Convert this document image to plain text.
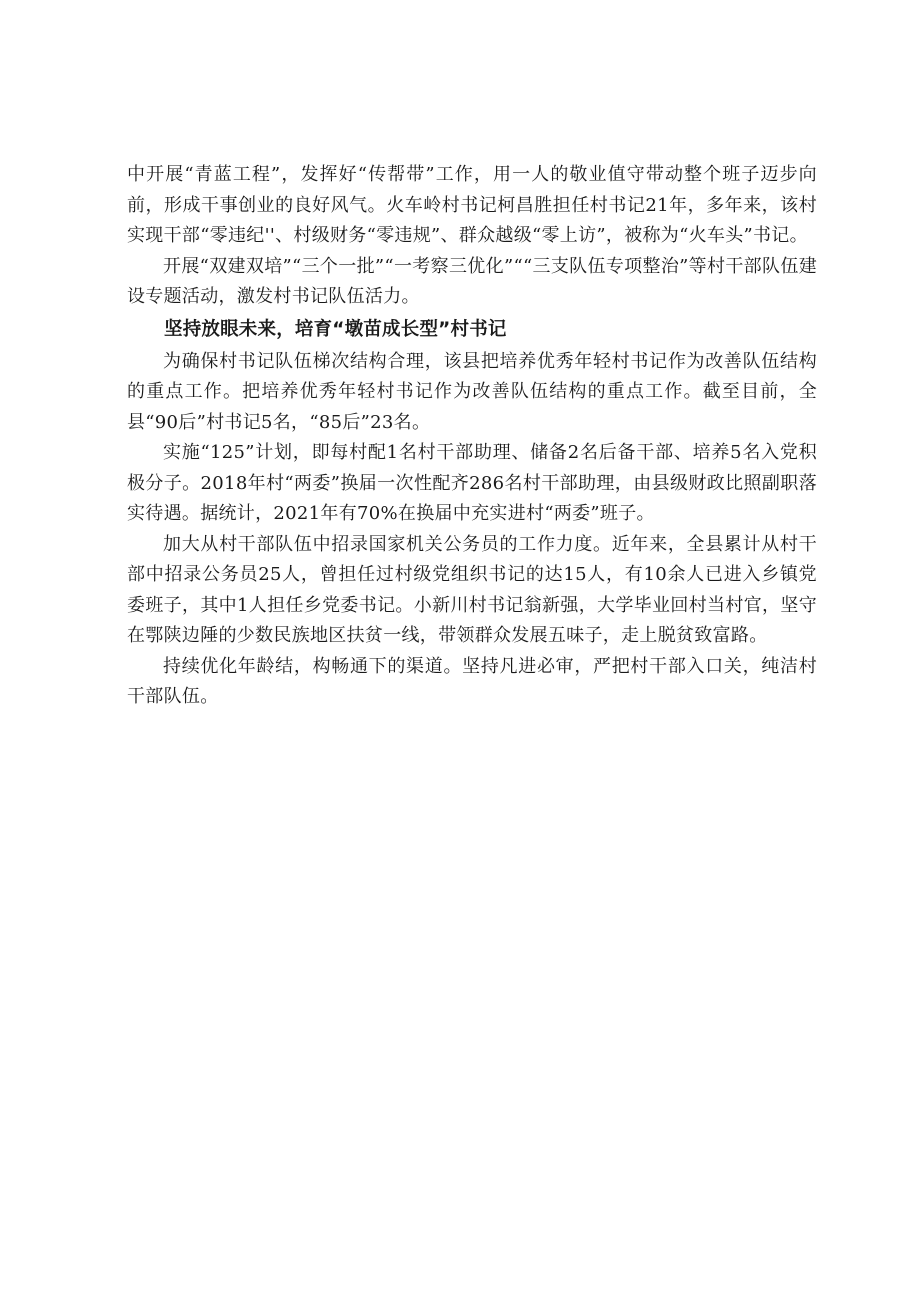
中开展“青蓝工程”，发挥好“传帮带”工作，用一人的敬业值守带动整个班子迈步向前，形成干事创业的良好风气。火车岭村书记柯昌胜担任村书记21年，多年来，该村实现干部“零违纪''、村级财务“零违规”、群众越级“零上访”，被称为“火车头”书记。

开展“双建双培”“三个一批”“一考察三优化”““三支队伍专项整治”等村干部队伍建设专题活动，激发村书记队伍活力。

坚持放眼未来，培育“墩苗成长型”村书记

为确保村书记队伍梯次结构合理，该县把培养优秀年轻村书记作为改善队伍结构的重点工作。把培养优秀年轻村书记作为改善队伍结构的重点工作。截至目前，全县“90后”村书记5名，“85后”23名。

实施“125”计划，即每村配1名村干部助理、储备2名后备干部、培养5名入党积极分子。2018年村“两委”换届一次性配齐286名村干部助理，由县级财政比照副职落实待遇。据统计，2021年有70%在换届中充实进村“两委”班子。

加大从村干部队伍中招录国家机关公务员的工作力度。近年来，全县累计从村干部中招录公务员25人，曾担任过村级党组织书记的达15人，有10余人已进入乡镇党委班子，其中1人担任乡党委书记。小新川村书记翁新强，大学毕业回村当村官，坚守在鄂陕边陲的少数民族地区扶贫一线，带领群众发展五味子，走上脱贫致富路。

持续优化年龄结，构畅通下的渠道。坚持凡进必审，严把村干部入口关，纯洁村干部队伍。
